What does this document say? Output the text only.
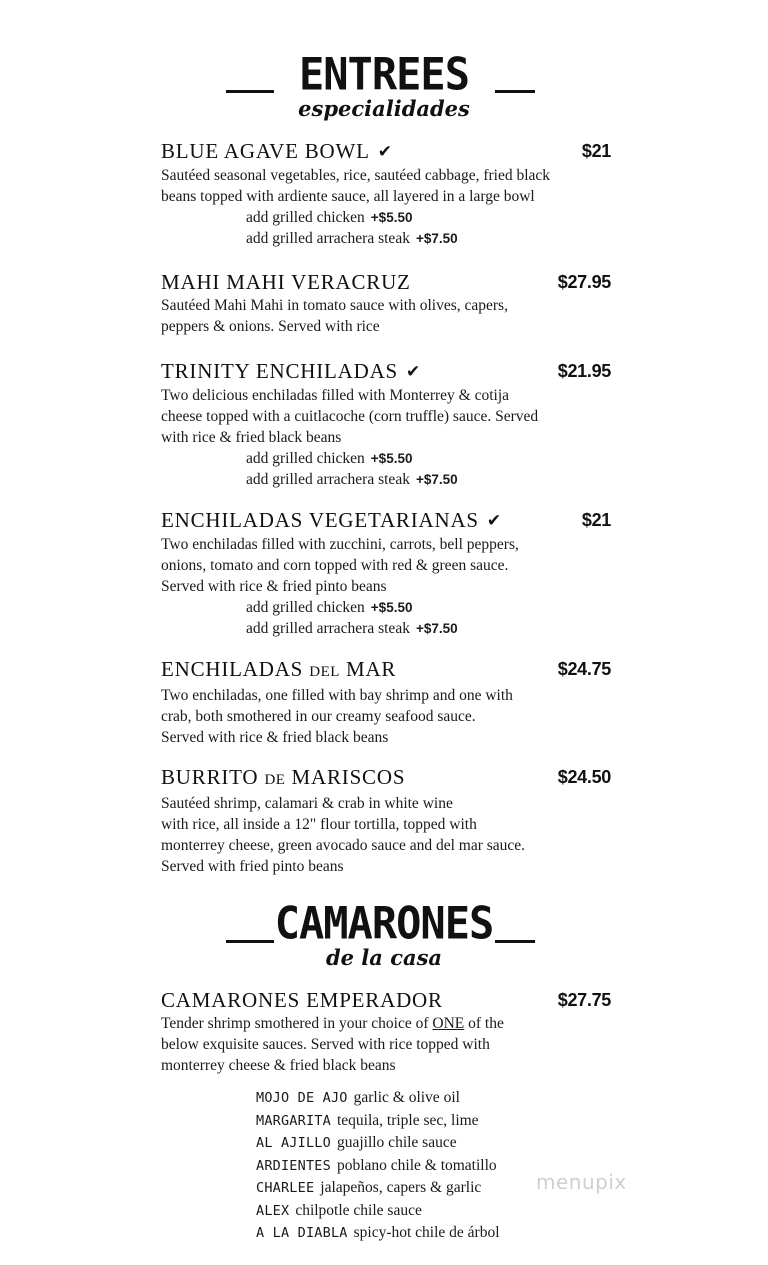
ENTREES
especialidades
BLUE AGAVE BOWL ✔	$21
Sautéed seasonal vegetables, rice, sautéed cabbage, fried black
beans topped with ardiente sauce, all layered in a large bowl
add grilled chicken +$5.50
add grilled arrachera steak +$7.50
MAHI MAHI VERACRUZ	$27.95
Sautéed Mahi Mahi in tomato sauce with olives, capers,
peppers & onions. Served with rice
TRINITY ENCHILADAS ✔	$21.95
Two delicious enchiladas filled with Monterrey & cotija
cheese topped with a cuitlacoche (corn truffle) sauce. Served
with rice & fried black beans
add grilled chicken +$5.50
add grilled arrachera steak +$7.50
ENCHILADAS VEGETARIANAS ✔	$21
Two enchiladas filled with zucchini, carrots, bell peppers,
onions, tomato and corn topped with red & green sauce.
Served with rice & fried pinto beans
add grilled chicken +$5.50
add grilled arrachera steak +$7.50
ENCHILADAS DEL MAR	$24.75
Two enchiladas, one filled with bay shrimp and one with
crab, both smothered in our creamy seafood sauce.
Served with rice & fried black beans
BURRITO DE MARISCOS	$24.50
Sautéed shrimp, calamari & crab in white wine
with rice, all inside a 12" flour tortilla, topped with
monterrey cheese, green avocado sauce and del mar sauce.
Served with fried pinto beans
CAMARONES
de la casa
CAMARONES EMPERADOR	$27.75
Tender shrimp smothered in your choice of ONE of the
below exquisite sauces. Served with rice topped with
monterrey cheese & fried black beans
MOJO DE AJO garlic & olive oil
MARGARITA tequila, triple sec, lime
AL AJILLO guajillo chile sauce
ARDIENTES poblano chile & tomatillo
CHARLEE jalapeños, capers & garlic
ALEX chilpotle chile sauce
A LA DIABLA spicy-hot chile de árbol
menupix
